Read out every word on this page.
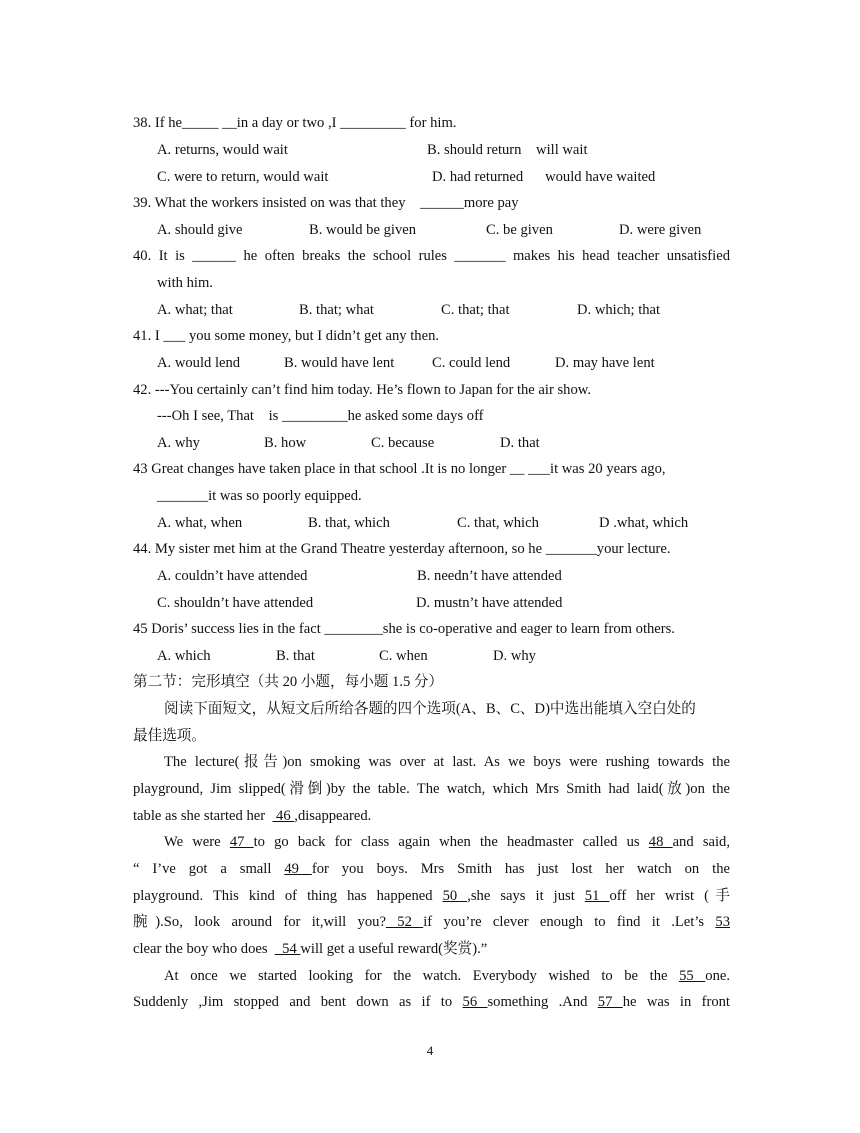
38. If he_____ __in a day or two ,I _________ for him.
A. returns, would wait	B. should return    will wait
C. were to return, would wait	D. had returned      would have waited
39. What the workers insisted on was that they    ______more pay
A. should give	B. would be given	C. be given	D. were given
40. It is ______ he often breaks the school rules _______ makes his head teacher unsatisfied
with him.
A. what; that	B. that; what	C. that; that	D. which; that
41. I ___ you some money, but I didn’t get any then.
A. would lend	B. would have lent	C. could lend	D. may have lent
42. ---You certainly can’t find him today. He’s flown to Japan for the air show.
---Oh I see, That    is _________he asked some days off
A. why	B. how	C. because	D. that
43 Great changes have taken place in that school .It is no longer __ ___it was 20 years ago,
_______it was so poorly equipped.
A. what, when	B. that, which	C. that, which	D .what, which
44. My sister met him at the Grand Theatre yesterday afternoon, so he _______your lecture.
A. couldn’t have attended	B. needn’t have attended
C. shouldn’t have attended	D. mustn’t have attended
45 Doris’ success lies in the fact ________she is co-operative and eager to learn from others.
A. which	B. that	C. when	D. why
第二节：完形填空（共 20 小题，每小题 1.5 分）
阅读下面短文，从短文后所给各题的四个选项(A、B、C、D)中选出能填入空白处的
最佳选项。
The lecture(报告)on smoking was over at last. As we boys were rushing towards the
playground, Jim slipped(滑倒)by the table. The watch, which Mrs Smith had laid(放)on the
table as she started her   46 ,disappeared.
We were 47 to go back for class again when the headmaster called us 48 and said,
“ I’ve got a small 49 for you boys. Mrs Smith has just lost her watch on the
playground. This kind of thing has happened 50 ,she says it just 51 off her wrist (手
腕).So, look around for it,will you? 52 if you’re clever enough to find it .Let’s 53
clear the boy who does    54 will get a useful reward(奖赏).”
At once we started looking for the watch. Everybody wished to be the 55 one.
Suddenly ,Jim stopped and bent down as if to 56 something .And 57 he was in front
4
